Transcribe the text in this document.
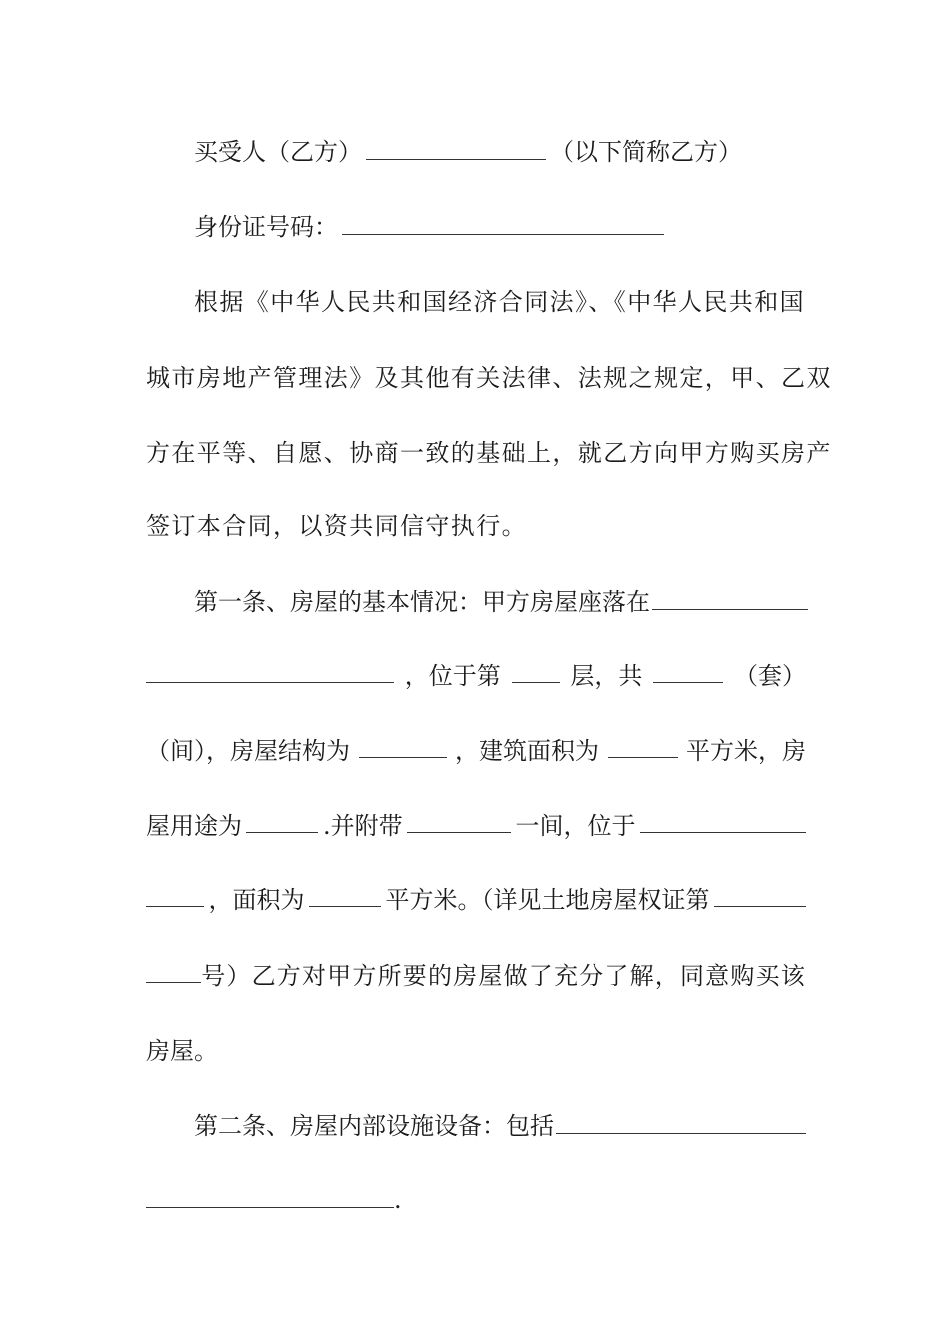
买受人（乙方）	（以下简称乙方）
身份证号码：
根据《中华人民共和国经济合同法》、《中华人民共和国
城市房地产管理法》及其他有关法律、法规之规定，甲、乙双
方在平等、自愿、协商一致的基础上，就乙方向甲方购买房产
签订本合同，以资共同信守执行。
第一条、房屋的基本情况：甲方房屋座落在
，位于第	层，共	（套）
（间），房屋结构为	，建筑面积为	平方米，房
屋用途为	.并附带	一间，位于
，面积为	平方米。（详见土地房屋权证第
号）乙方对甲方所要的房屋做了充分了解，同意购买该
房屋。
第二条、房屋内部设施设备：包括
.
